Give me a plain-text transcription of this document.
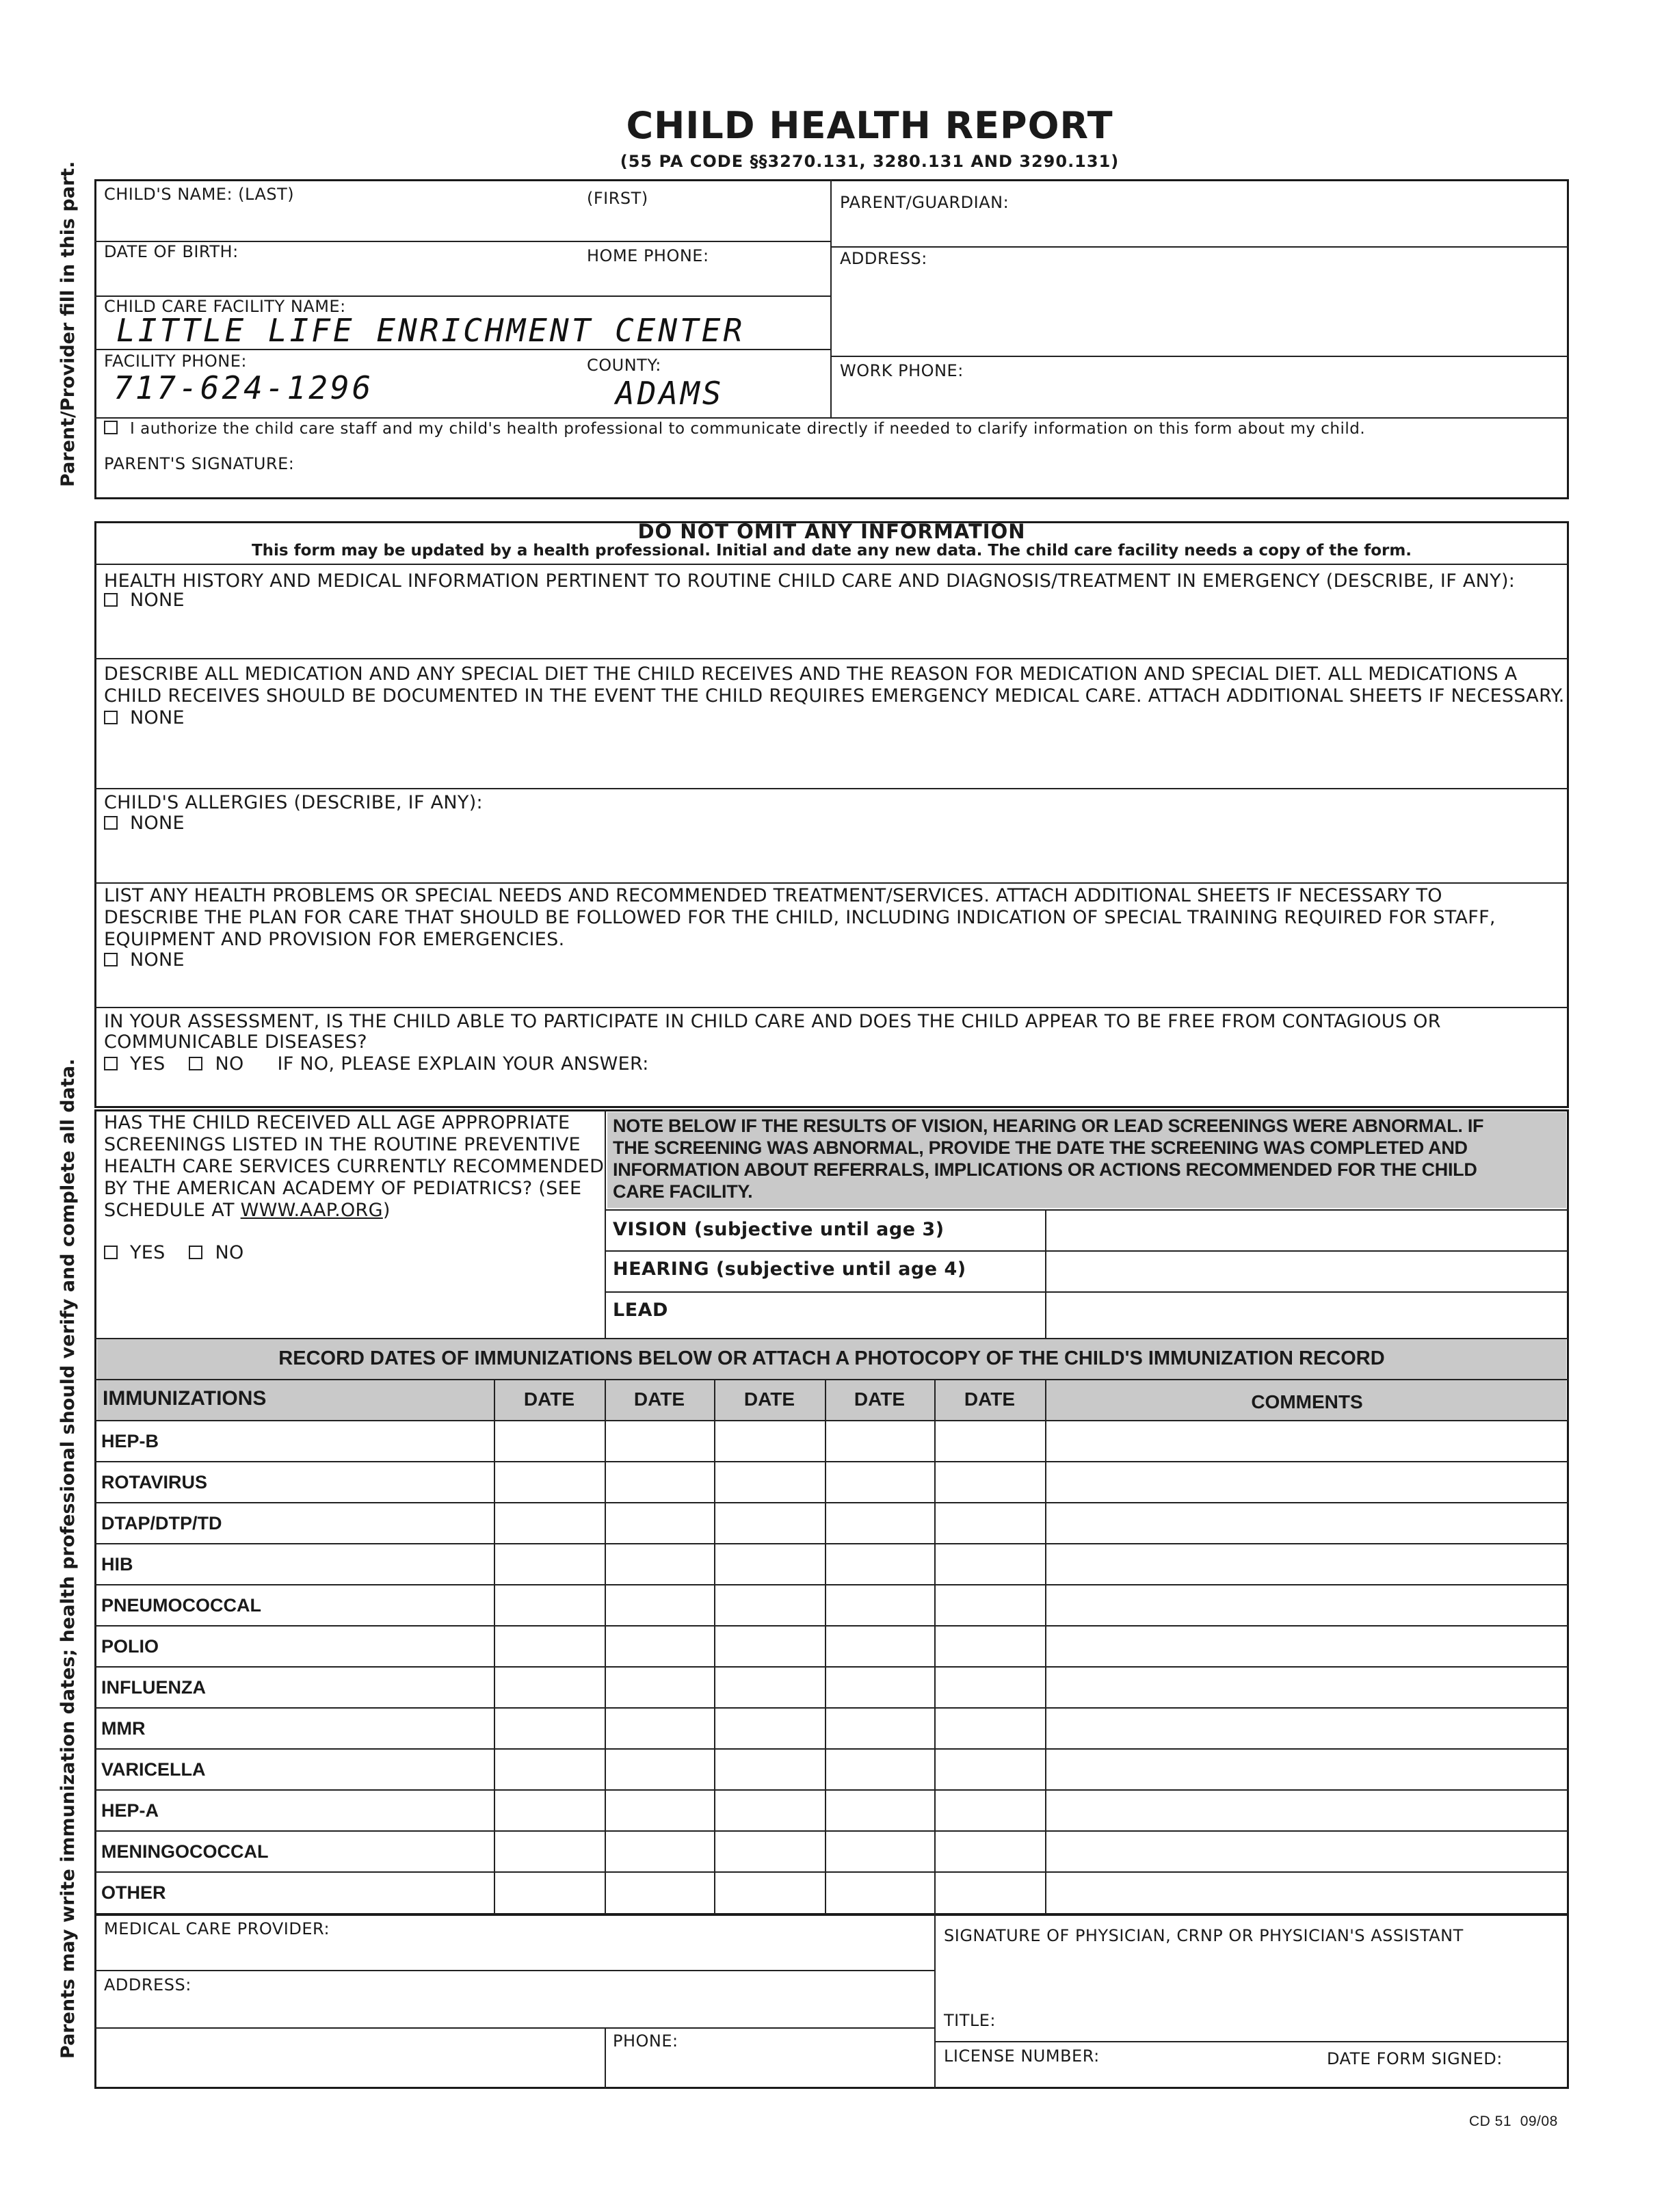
CHILD HEALTH REPORT
(55 PA CODE §§3270.131, 3280.131 AND 3290.131)
Parent/Provider fill in this part.
Parents may write immunization dates; health professional should verify and complete all data.
CHILD'S NAME: (LAST)	(FIRST)	PARENT/GUARDIAN:
DATE OF BIRTH:	HOME PHONE:	ADDRESS:
CHILD CARE FACILITY NAME:
LITTLE LIFE ENRICHMENT CENTER
FACILITY PHONE:	COUNTY:	WORK PHONE:
717-624-1296	ADAMS
I authorize the child care staff and my child's health professional to communicate directly if needed to clarify information on this form about my child.
PARENT'S SIGNATURE:
DO NOT OMIT ANY INFORMATION
This form may be updated by a health professional. Initial and date any new data. The child care facility needs a copy of the form.
HEALTH HISTORY AND MEDICAL INFORMATION PERTINENT TO ROUTINE CHILD CARE AND DIAGNOSIS/TREATMENT IN EMERGENCY (DESCRIBE, IF ANY):
NONE
DESCRIBE ALL MEDICATION AND ANY SPECIAL DIET THE CHILD RECEIVES AND THE REASON FOR MEDICATION AND SPECIAL DIET. ALL MEDICATIONS A
CHILD RECEIVES SHOULD BE DOCUMENTED IN THE EVENT THE CHILD REQUIRES EMERGENCY MEDICAL CARE. ATTACH ADDITIONAL SHEETS IF NECESSARY.
NONE
CHILD'S ALLERGIES (DESCRIBE, IF ANY):
NONE
LIST ANY HEALTH PROBLEMS OR SPECIAL NEEDS AND RECOMMENDED TREATMENT/SERVICES. ATTACH ADDITIONAL SHEETS IF NECESSARY TO
DESCRIBE THE PLAN FOR CARE THAT SHOULD BE FOLLOWED FOR THE CHILD, INCLUDING INDICATION OF SPECIAL TRAINING REQUIRED FOR STAFF,
EQUIPMENT AND PROVISION FOR EMERGENCIES.
NONE
IN YOUR ASSESSMENT, IS THE CHILD ABLE TO PARTICIPATE IN CHILD CARE AND DOES THE CHILD APPEAR TO BE FREE FROM CONTAGIOUS OR
COMMUNICABLE DISEASES?
YES	NO IF NO, PLEASE EXPLAIN YOUR ANSWER:
HAS THE CHILD RECEIVED ALL AGE APPROPRIATE
SCREENINGS LISTED IN THE ROUTINE PREVENTIVE
HEALTH CARE SERVICES CURRENTLY RECOMMENDED
BY THE AMERICAN ACADEMY OF PEDIATRICS? (SEE
SCHEDULE AT WWW.AAP.ORG)
YES	NO
NOTE BELOW IF THE RESULTS OF VISION, HEARING OR LEAD SCREENINGS WERE ABNORMAL. IF
THE SCREENING WAS ABNORMAL, PROVIDE THE DATE THE SCREENING WAS COMPLETED AND
INFORMATION ABOUT REFERRALS, IMPLICATIONS OR ACTIONS RECOMMENDED FOR THE CHILD
CARE FACILITY.
VISION (subjective until age 3)
HEARING (subjective until age 4)
LEAD
RECORD DATES OF IMMUNIZATIONS BELOW OR ATTACH A PHOTOCOPY OF THE CHILD'S IMMUNIZATION RECORD
IMMUNIZATIONS	DATE	DATE	DATE	DATE	DATE	COMMENTS
HEP-B
ROTAVIRUS
DTAP/DTP/TD
HIB
PNEUMOCOCCAL
POLIO
INFLUENZA
MMR
VARICELLA
HEP-A
MENINGOCOCCAL
OTHER
MEDICAL CARE PROVIDER:
ADDRESS:
PHONE:
SIGNATURE OF PHYSICIAN, CRNP OR PHYSICIAN'S ASSISTANT
TITLE:
LICENSE NUMBER:	DATE FORM SIGNED:
CD 51  09/08
